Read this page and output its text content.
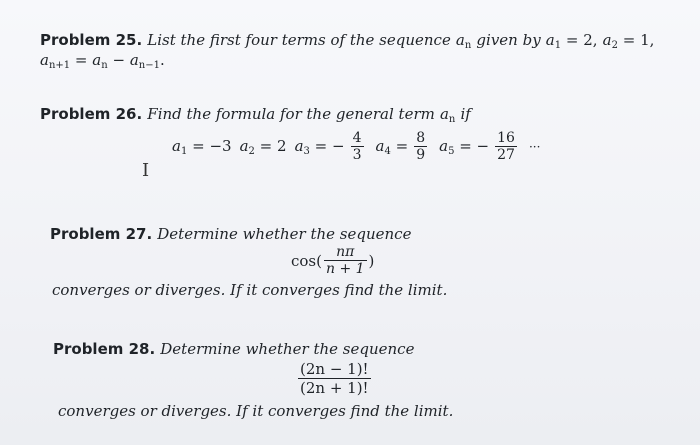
Problem 25. List the first four terms of the sequence $a_n$ given by $a_1 = 2$, $a_2 = 1$,
$a_{n+1} = a_n - a_{n-1}$.
Problem 26. Find the formula for the general term $a_n$ if
$a_1 = -3$ $a_2 = 2$ $a_3$ = − $\frac{4}{3} a_4 = \frac{8}{9} a_5$ = − $\frac{16}{27}$ ···
I
Problem 27. Determine whether the sequence
$\cos( \frac{n\pi}{n + 1}$ )
converges or diverges. If it converges find the limit.
Problem 28. Determine whether the sequence
$\frac{(2n - 1)!}{(2n + 1)!}$
converges or diverges. If it converges find the limit.
